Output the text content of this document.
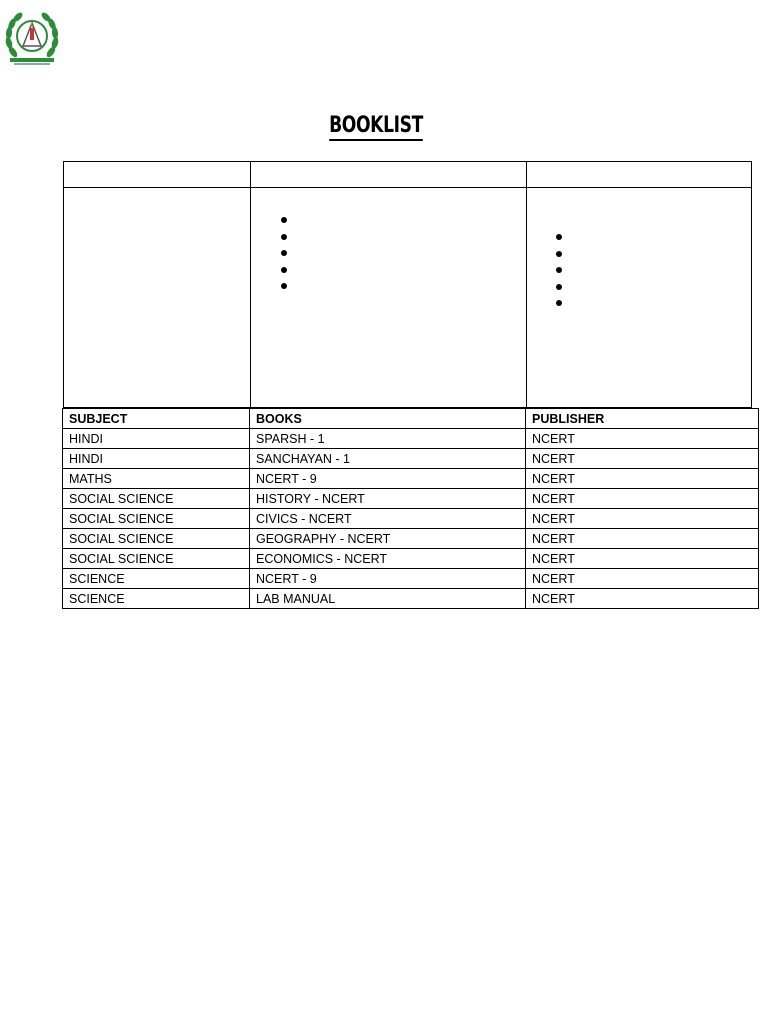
BOOKLIST
SUBJECT	BOOKS	PUBLISHER
HINDI	SPARSH - 1	NCERT
HINDI	SANCHAYAN - 1	NCERT
MATHS	NCERT - 9	NCERT
SOCIAL SCIENCE	HISTORY - NCERT	NCERT
SOCIAL SCIENCE	CIVICS - NCERT	NCERT
SOCIAL SCIENCE	GEOGRAPHY - NCERT	NCERT
SOCIAL SCIENCE	ECONOMICS - NCERT	NCERT
SCIENCE	NCERT - 9	NCERT
SCIENCE	LAB MANUAL	NCERT
